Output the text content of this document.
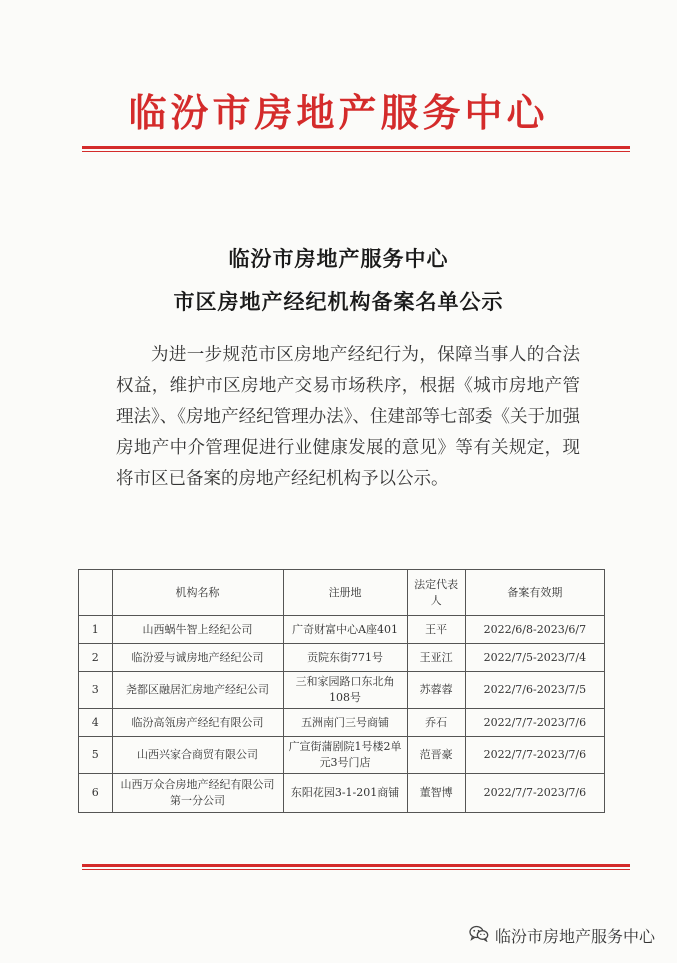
临汾市房地产服务中心
临汾市房地产服务中心
市区房地产经纪机构备案名单公示
为进一步规范市区房地产经纪行为，保障当事人的合法权益，维护市区房地产交易市场秩序，根据《城市房地产管理法》、《房地产经纪管理办法》、住建部等七部委《关于加强房地产中介管理促进行业健康发展的意见》等有关规定，现将市区已备案的房地产经纪机构予以公示。
	机构名称	注册地	法定代表人	备案有效期
1	山西蜗牛智上经纪公司	广奇财富中心A座401	王平	2022/6/8-2023/6/7
2	临汾爱与诚房地产经纪公司	贡院东街771号	王亚江	2022/7/5-2023/7/4
3	尧都区融居汇房地产经纪公司	三和家园路口东北角108号	苏蓉蓉	2022/7/6-2023/7/5
4	临汾高瓴房产经纪有限公司	五洲南门三号商铺	乔石	2022/7/7-2023/7/6
5	山西兴家合商贸有限公司	广宣街蒲剧院1号楼2单元3号门店	范晋豪	2022/7/7-2023/7/6
6	山西万众合房地产经纪有限公司第一分公司	东阳花园3-1-201商铺	董智博	2022/7/7-2023/7/6
临汾市房地产服务中心
